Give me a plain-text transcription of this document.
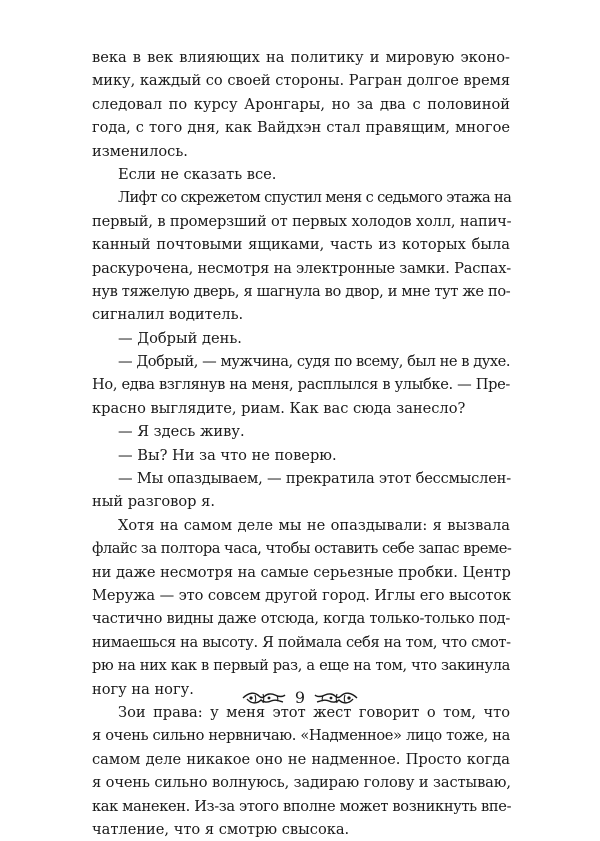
века в век влияющих на политику и мировую эконо-
мику, каждый со своей стороны. Рагран долгое время
следовал по курсу Аронгары, но за два с половиной
года, с того дня, как Вайдхэн стал правящим, многое
изменилось.
Если не сказать все.
Лифт со скрежетом спустил меня с седьмого этажа на
первый, в промерзший от первых холодов холл, напич-
канный почтовыми ящиками, часть из которых была
раскурочена, несмотря на электронные замки. Распах-
нув тяжелую дверь, я шагнула во двор, и мне тут же по-
сигналил водитель.
— Добрый день.
— Добрый, — мужчина, судя по всему, был не в духе.
Но, едва взглянув на меня, расплылся в улыбке. — Пре-
красно выглядите, риам. Как вас сюда занесло?
— Я здесь живу.
— Вы? Ни за что не поверю.
— Мы опаздываем, — прекратила этот бессмыслен-
ный разговор я.
Хотя на самом деле мы не опаздывали: я вызвала
флайс за полтора часа, чтобы оставить себе запас време-
ни даже несмотря на самые серьезные пробки. Центр
Меружа — это совсем другой город. Иглы его высоток
частично видны даже отсюда, когда только-только под-
нимаешься на высоту. Я поймала себя на том, что смот-
рю на них как в первый раз, а еще на том, что закинула
ногу на ногу.
Зои права: у меня этот жест говорит о том, что
я очень сильно нервничаю. «Надменное» лицо тоже, на
самом деле никакое оно не надменное. Просто когда
я очень сильно волнуюсь, задираю голову и застываю,
как манекен. Из-за этого вполне может возникнуть впе-
чатление, что я смотрю свысока.
9
